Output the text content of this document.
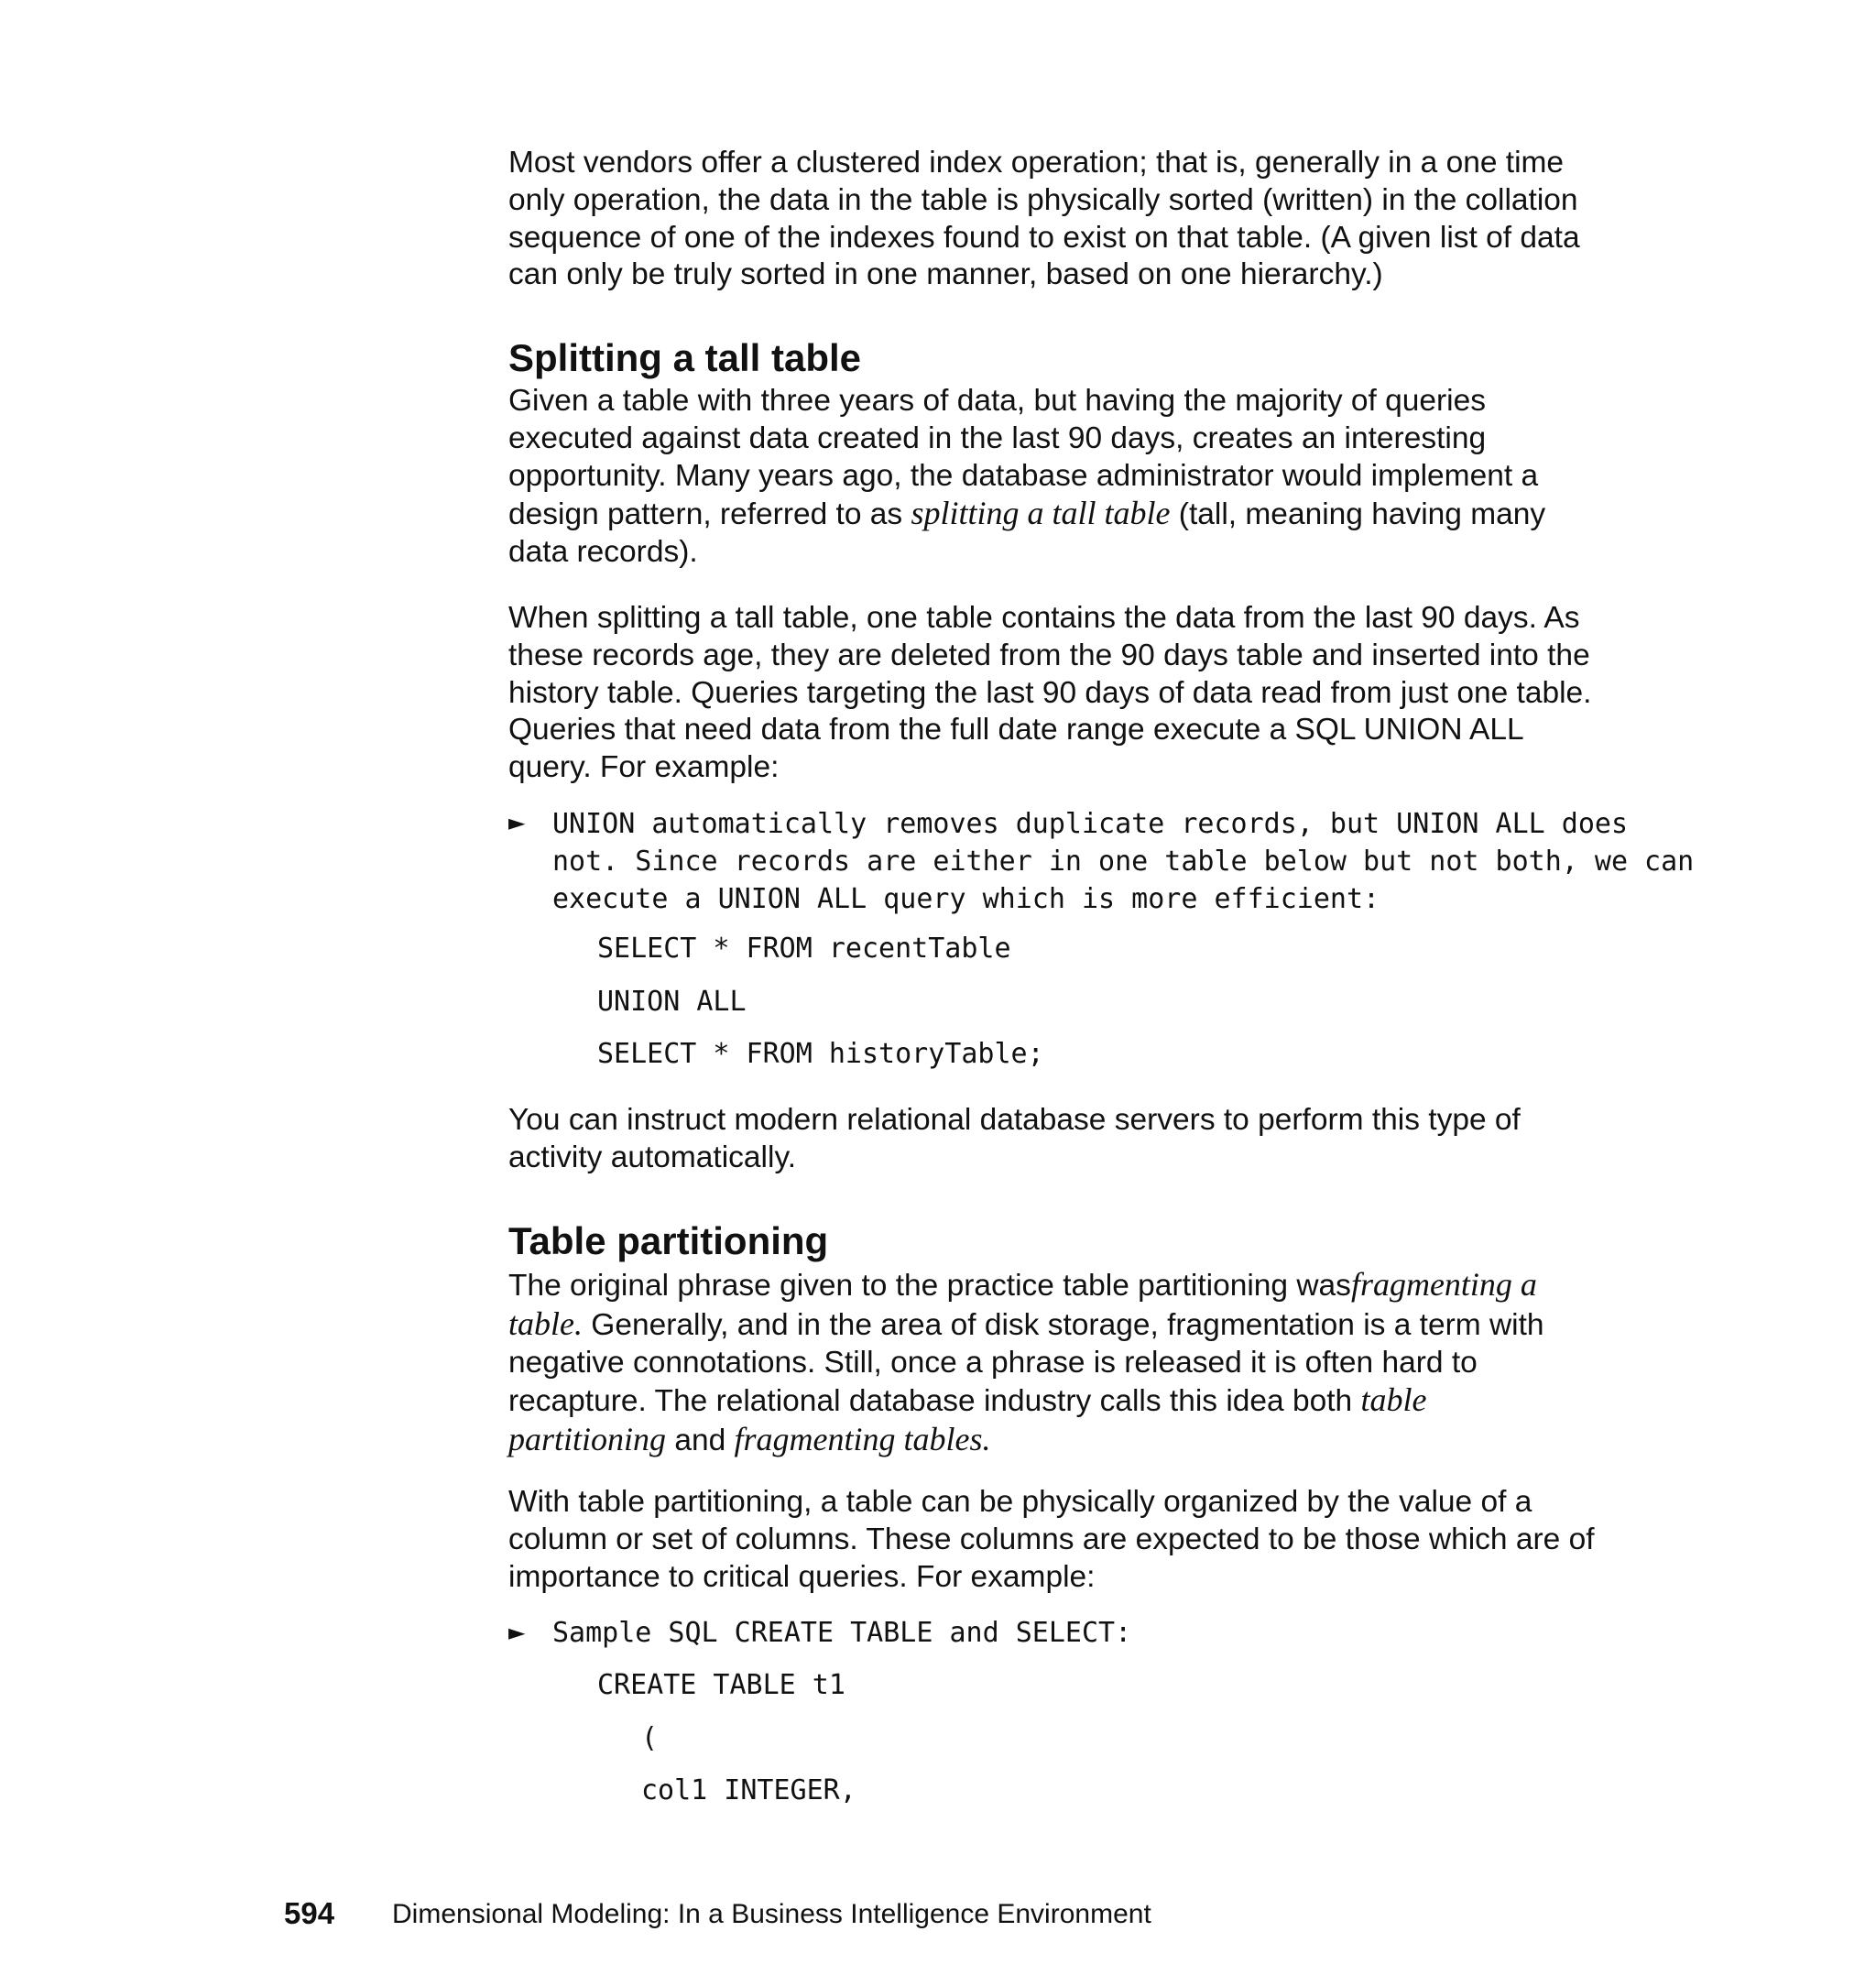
Most vendors offer a clustered index operation; that is, generally in a one time
only operation, the data in the table is physically sorted (written) in the collation
sequence of one of the indexes found to exist on that table. (A given list of data
can only be truly sorted in one manner, based on one hierarchy.)
Splitting a tall table
Given a table with three years of data, but having the majority of queries
executed against data created in the last 90 days, creates an interesting
opportunity. Many years ago, the database administrator would implement a
design pattern, referred to as splitting a tall table (tall, meaning having many
data records).
When splitting a tall table, one table contains the data from the last 90 days. As
these records age, they are deleted from the 90 days table and inserted into the
history table. Queries targeting the last 90 days of data read from just one table.
Queries that need data from the full date range execute a SQL UNION ALL
query. For example:
► UNION automatically removes duplicate records, but UNION ALL does
not. Since records are either in one table below but not both, we can
execute a UNION ALL query which is more efficient:
SELECT * FROM recentTable
UNION ALL
SELECT * FROM historyTable;
You can instruct modern relational database servers to perform this type of
activity automatically.
Table partitioning
The original phrase given to the practice table partitioning wasfragmenting a
table. Generally, and in the area of disk storage, fragmentation is a term with
negative connotations. Still, once a phrase is released it is often hard to
recapture. The relational database industry calls this idea both table
partitioning and fragmenting tables.
With table partitioning, a table can be physically organized by the value of a
column or set of columns. These columns are expected to be those which are of
importance to critical queries. For example:
► Sample SQL CREATE TABLE and SELECT:
CREATE TABLE t1
(
col1 INTEGER,
594 Dimensional Modeling: In a Business Intelligence Environment
